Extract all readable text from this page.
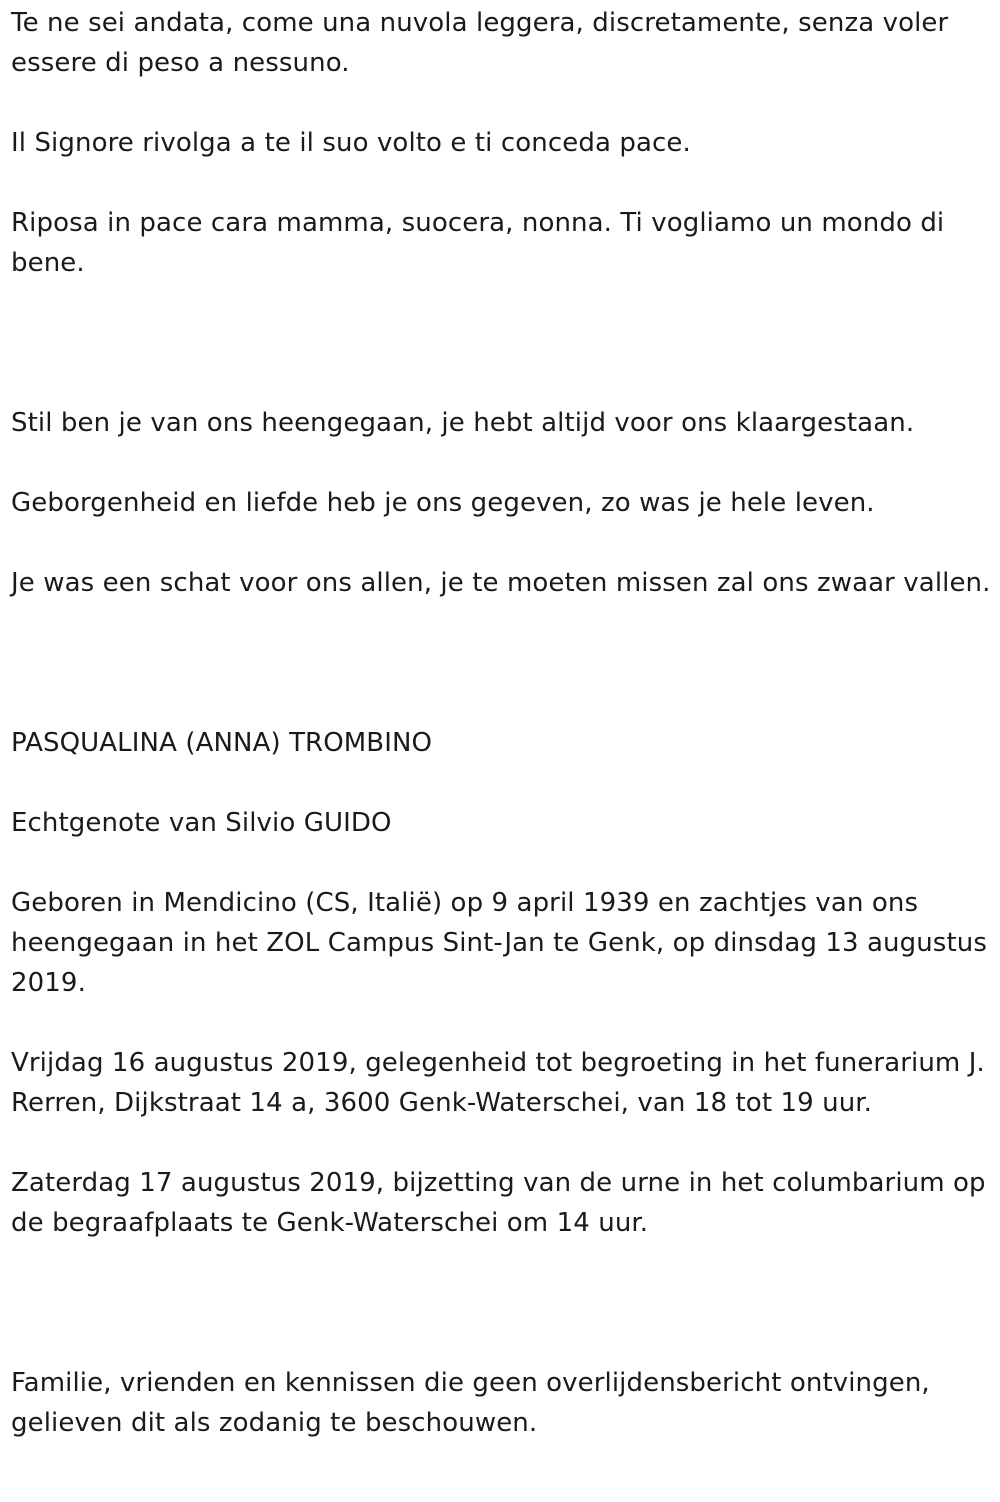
Te ne sei andata, come una nuvola leggera, discretamente, senza voler essere di peso a nessuno.

Il Signore rivolga a te il suo volto e ti conceda pace.

Riposa in pace cara mamma, suocera, nonna. Ti vogliamo un mondo di bene.

Stil ben je van ons heengegaan, je hebt altijd voor ons klaargestaan.

Geborgenheid en liefde heb je ons gegeven, zo was je hele leven.

Je was een schat voor ons allen, je te moeten missen zal ons zwaar vallen.

PASQUALINA (ANNA) TROMBINO

Echtgenote van Silvio GUIDO

Geboren in Mendicino (CS, Italië) op 9 april 1939 en zachtjes van ons heengegaan in het ZOL Campus Sint-Jan te Genk, op dinsdag 13 augustus 2019.

Vrijdag 16 augustus 2019, gelegenheid tot begroeting in het funerarium J. Rerren, Dijkstraat 14 a, 3600 Genk-Waterschei, van 18 tot 19 uur.

Zaterdag 17 augustus 2019, bijzetting van de urne in het columbarium op de begraafplaats te Genk-Waterschei om 14 uur.

Familie, vrienden en kennissen die geen overlijdensbericht ontvingen, gelieven dit als zodanig te beschouwen.
